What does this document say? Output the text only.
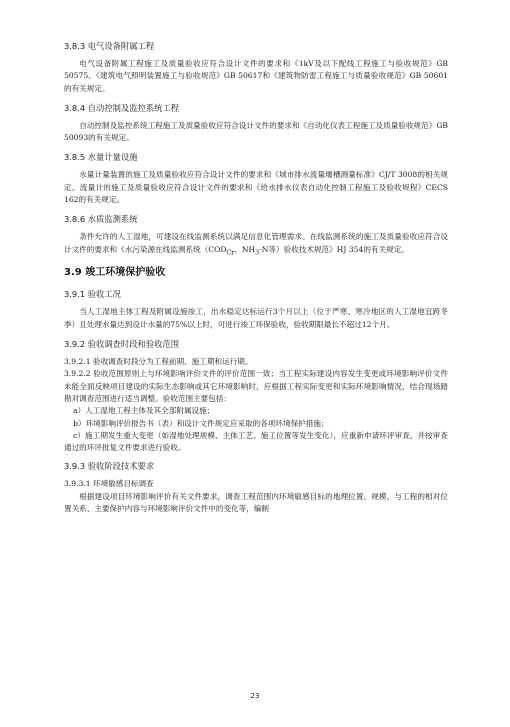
3.8.3 电气设备附属工程

电气设备附属工程施工及质量验收应符合设计文件的要求和《1kV及以下配线工程施工与验收规范》GB 50575、《建筑电气照明装置施工与验收规范》GB 50617和《建筑物防雷工程施工与质量验收规范》GB 50601的有关规定。

3.8.4 自动控制及监控系统工程

自动控制及监控系统工程施工及质量验收应符合设计文件的要求和《自动化仪表工程施工及质量验收规范》GB 50093的有关规定。

3.8.5 水量计量设施

水量计量装置的施工及质量验收应符合设计文件的要求和《城市排水流量堰槽测量标准》CJ/T 3008的相关规定。流量计的施工及质量验收应符合设计文件的要求和《给水排水仪表自动化控制工程施工及验收规程》CECS 162的有关规定。

3.8.6 水质监测系统

条件允许的人工湿地，可建设在线监测系统以满足信息化管理需求。在线监测系统的施工及质量验收应符合设计文件的要求和《水污染源在线监测系统（$COD_{Cr}$、$NH_3-N$等）验收技术规范》HJ 354的有关规定。

3.9 竣工环境保护验收
3.9.1 验收工况

当人工湿地主体工程及附属设施竣工，出水稳定达标运行3个月以上（位于严寒、寒冷地区的人工湿地宜跨冬季）且处理水量达到设计水量的75%以上时，可进行竣工环保验收，验收期限最长不超过12个月。

3.9.2 验收调查时段和验收范围

3.9.2.1 验收调查时段分为工程前期、施工期和运行期。

3.9.2.2 验收范围原则上与环境影响评价文件的评价范围一致；当工程实际建设内容发生变更或环境影响评价文件未能全面反映项目建设的实际生态影响或其它环境影响时，应根据工程实际变更和实际环境影响情况，结合现场踏勘对调查范围进行适当调整。验收范围主要包括：

a）人工湿地工程主体及其全部附属设施；
b）环境影响评价报告书（表）和设计文件规定应采取的各项环境保护措施；
c）施工期发生重大变更（如湿地处理规模、主体工艺、施工位置等发生变化），应重新申请环评审查，并按审查通过的环评批复文件要求进行验收。
3.9.3 验收阶段技术要求

3.9.3.1 环境敏感目标调查

根据建设项目环境影响评价有关文件要求，调查工程范围内环境敏感目标的地理位置、规模、与工程的相对位置关系、主要保护内容与环境影响评价文件中的变化等，编制

23
